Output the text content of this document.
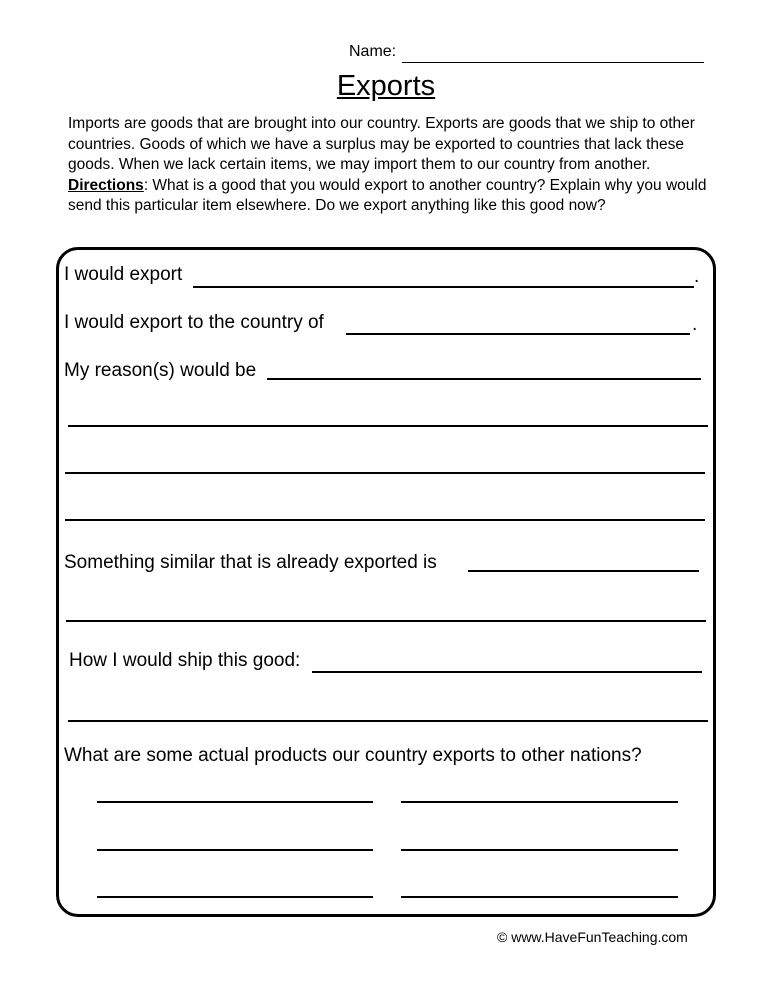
Name:
Exports
Imports are goods that are brought into our country. Exports are goods that we ship to other countries. Goods of which we have a surplus may be exported to countries that lack these goods. When we lack certain items, we may import them to our country from another.
Directions: What is a good that you would export to another country? Explain why you would send this particular item elsewhere. Do we export anything like this good now?
I would export	.
I would export to the country of	.
My reason(s) would be
Something similar that is already exported is
How I would ship this good:
What are some actual products our country exports to other nations?
© www.HaveFunTeaching.com
